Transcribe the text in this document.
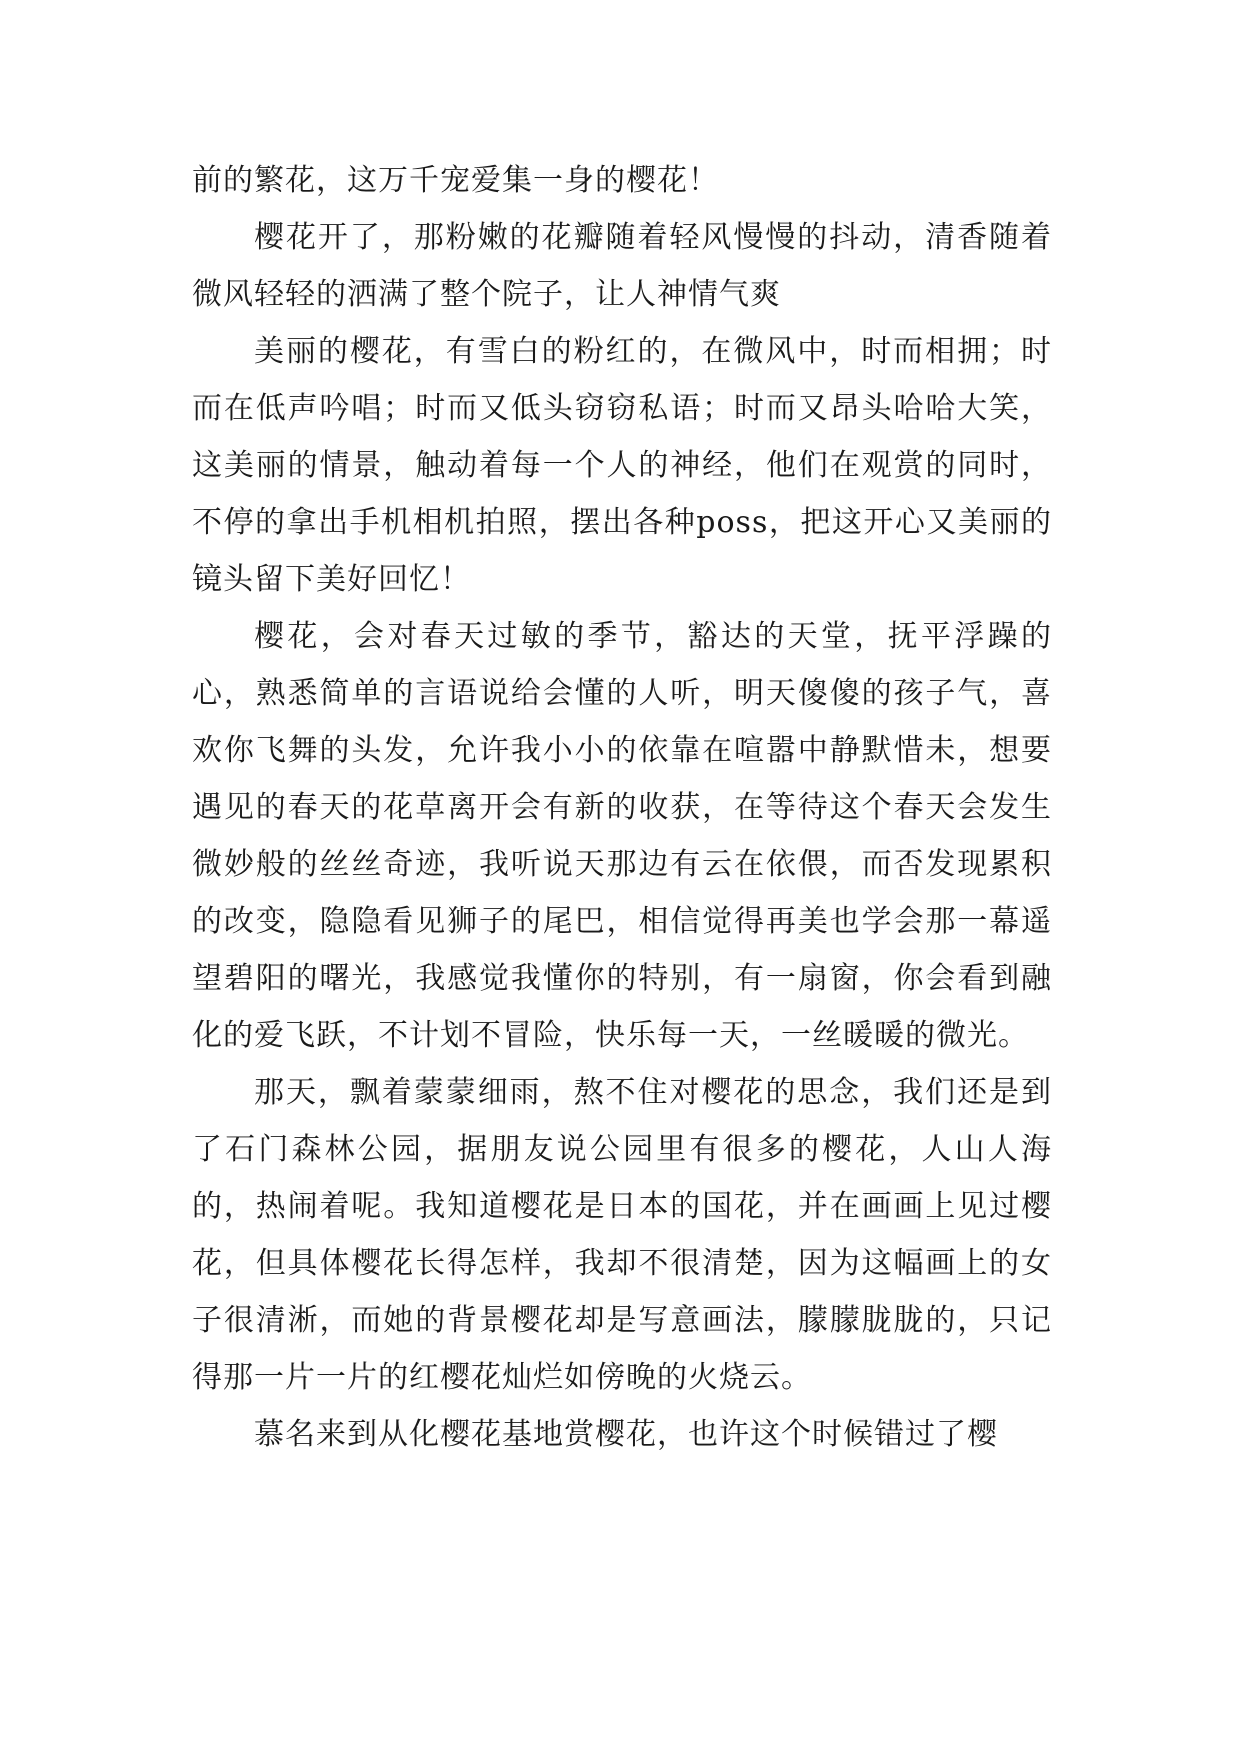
前的繁花，这万千宠爱集一身的樱花！

樱花开了，那粉嫩的花瓣随着轻风慢慢的抖动，清香随着微风轻轻的洒满了整个院子，让人神情气爽

美丽的樱花，有雪白的粉红的，在微风中，时而相拥；时而在低声吟唱；时而又低头窃窃私语；时而又昂头哈哈大笑，这美丽的情景，触动着每一个人的神经，他们在观赏的同时，不停的拿出手机相机拍照，摆出各种poss，把这开心又美丽的镜头留下美好回忆！

樱花，会对春天过敏的季节，豁达的天堂，抚平浮躁的心，熟悉简单的言语说给会懂的人听，明天傻傻的孩子气，喜欢你飞舞的头发，允许我小小的依靠在喧嚣中静默惜未，想要遇见的春天的花草离开会有新的收获，在等待这个春天会发生微妙般的丝丝奇迹，我听说天那边有云在依偎，而否发现累积的改变，隐隐看见狮子的尾巴，相信觉得再美也学会那一幕遥望碧阳的曙光，我感觉我懂你的特别，有一扇窗，你会看到融化的爱飞跃，不计划不冒险，快乐每一天，一丝暖暖的微光。

那天，飘着蒙蒙细雨，熬不住对樱花的思念，我们还是到了石门森林公园，据朋友说公园里有很多的樱花，人山人海的，热闹着呢。我知道樱花是日本的国花，并在画画上见过樱花，但具体樱花长得怎样，我却不很清楚，因为这幅画上的女子很清淅，而她的背景樱花却是写意画法，朦朦胧胧的，只记得那一片一片的红樱花灿烂如傍晚的火烧云。

慕名来到从化樱花基地赏樱花，也许这个时候错过了樱
